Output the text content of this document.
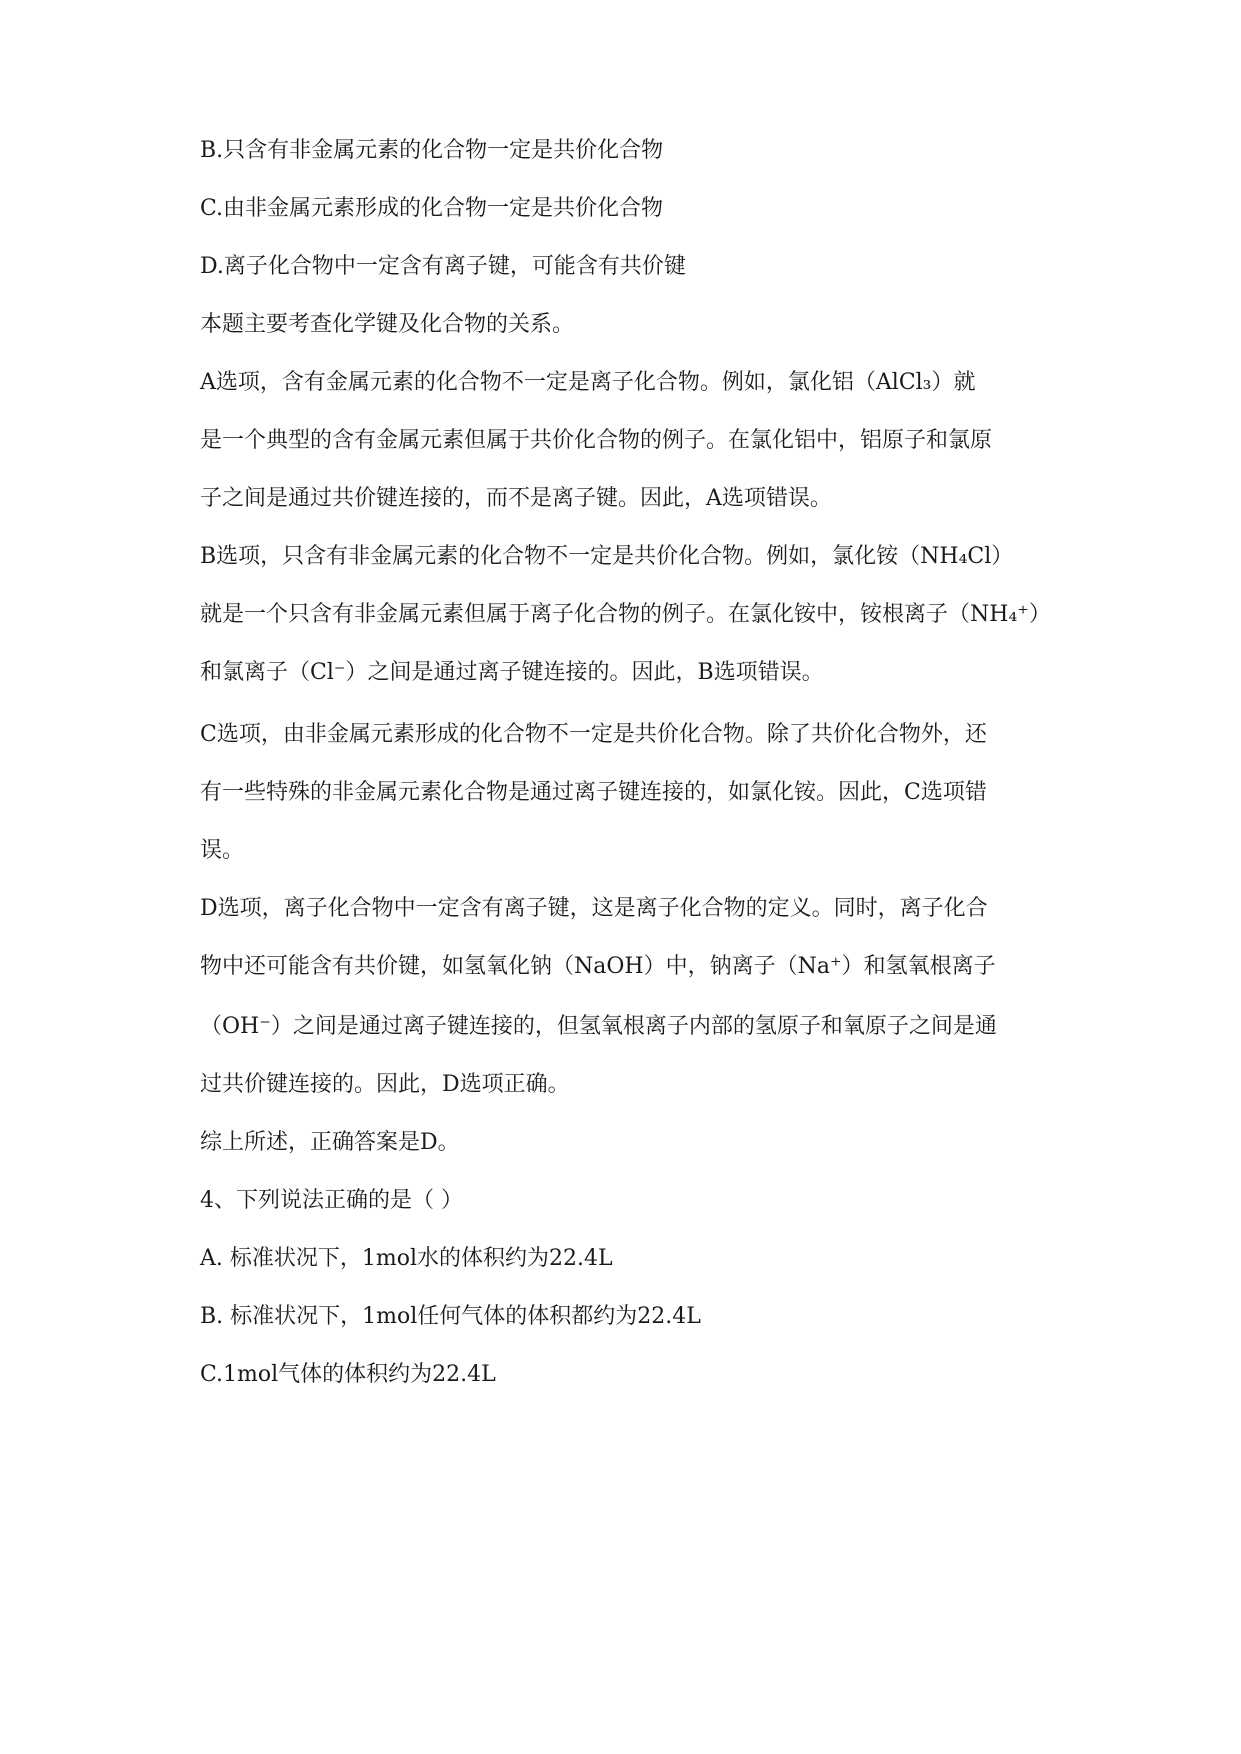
B.只含有非金属元素的化合物一定是共价化合物
C.由非金属元素形成的化合物一定是共价化合物
D.离子化合物中一定含有离子键，可能含有共价键
本题主要考查化学键及化合物的关系。
A选项，含有金属元素的化合物不一定是离子化合物。例如，氯化铝（AlCl₃）就
是一个典型的含有金属元素但属于共价化合物的例子。在氯化铝中，铝原子和氯原
子之间是通过共价键连接的，而不是离子键。因此，A选项错误。
B选项，只含有非金属元素的化合物不一定是共价化合物。例如，氯化铵（NH₄Cl）
就是一个只含有非金属元素但属于离子化合物的例子。在氯化铵中，铵根离子（NH₄⁺）
和氯离子（Cl⁻）之间是通过离子键连接的。因此，B选项错误。
C选项，由非金属元素形成的化合物不一定是共价化合物。除了共价化合物外，还
有一些特殊的非金属元素化合物是通过离子键连接的，如氯化铵。因此，C选项错
误。
D选项，离子化合物中一定含有离子键，这是离子化合物的定义。同时，离子化合
物中还可能含有共价键，如氢氧化钠（NaOH）中，钠离子（Na⁺）和氢氧根离子
（OH⁻）之间是通过离子键连接的，但氢氧根离子内部的氢原子和氧原子之间是通
过共价键连接的。因此，D选项正确。
综上所述，正确答案是D。
4、下列说法正确的是（ ）
A. 标准状况下，1mol水的体积约为22.4L
B. 标准状况下，1mol任何气体的体积都约为22.4L
C.1mol气体的体积约为22.4L
